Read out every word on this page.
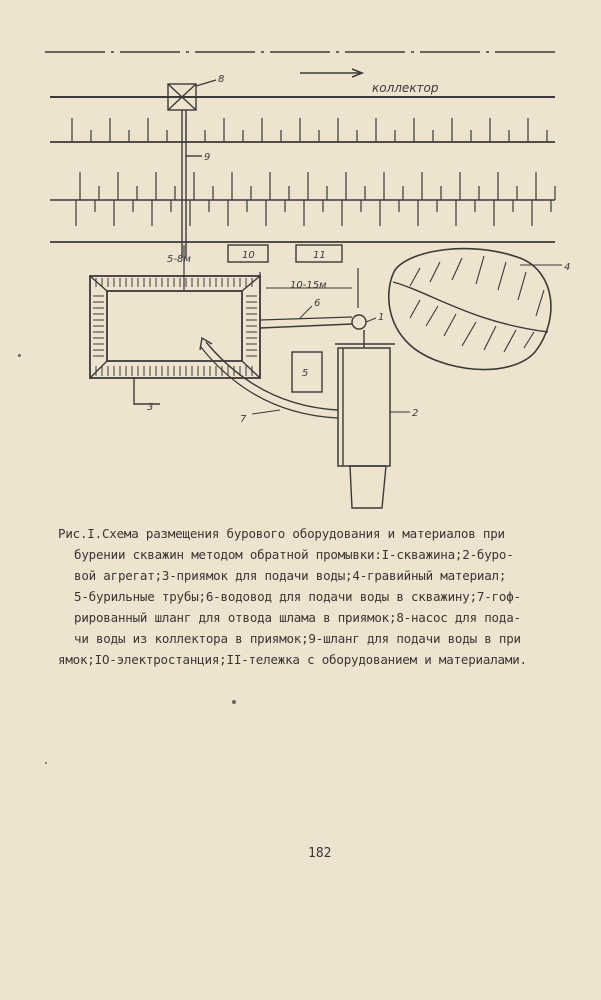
коллектор
8
9
5-8м	10	11
3
10-15м
6
1
4
5
2
7
Рис.I.Схема размещения бурового оборудования и материалов при
бурении скважин методом обратной промывки:I-скважина;2-буро-
вой агрегат;3-приямок для подачи воды;4-гравийный материал;
5-бурильные трубы;6-водовод для подачи воды в скважину;7-гоф-
рированный шланг для отвода шлама в приямок;8-насос для пода-
чи воды из коллектора в приямок;9-шланг для подачи воды в при
ямок;IO-электростанция;II-тележка с оборудованием и материалами.
182
